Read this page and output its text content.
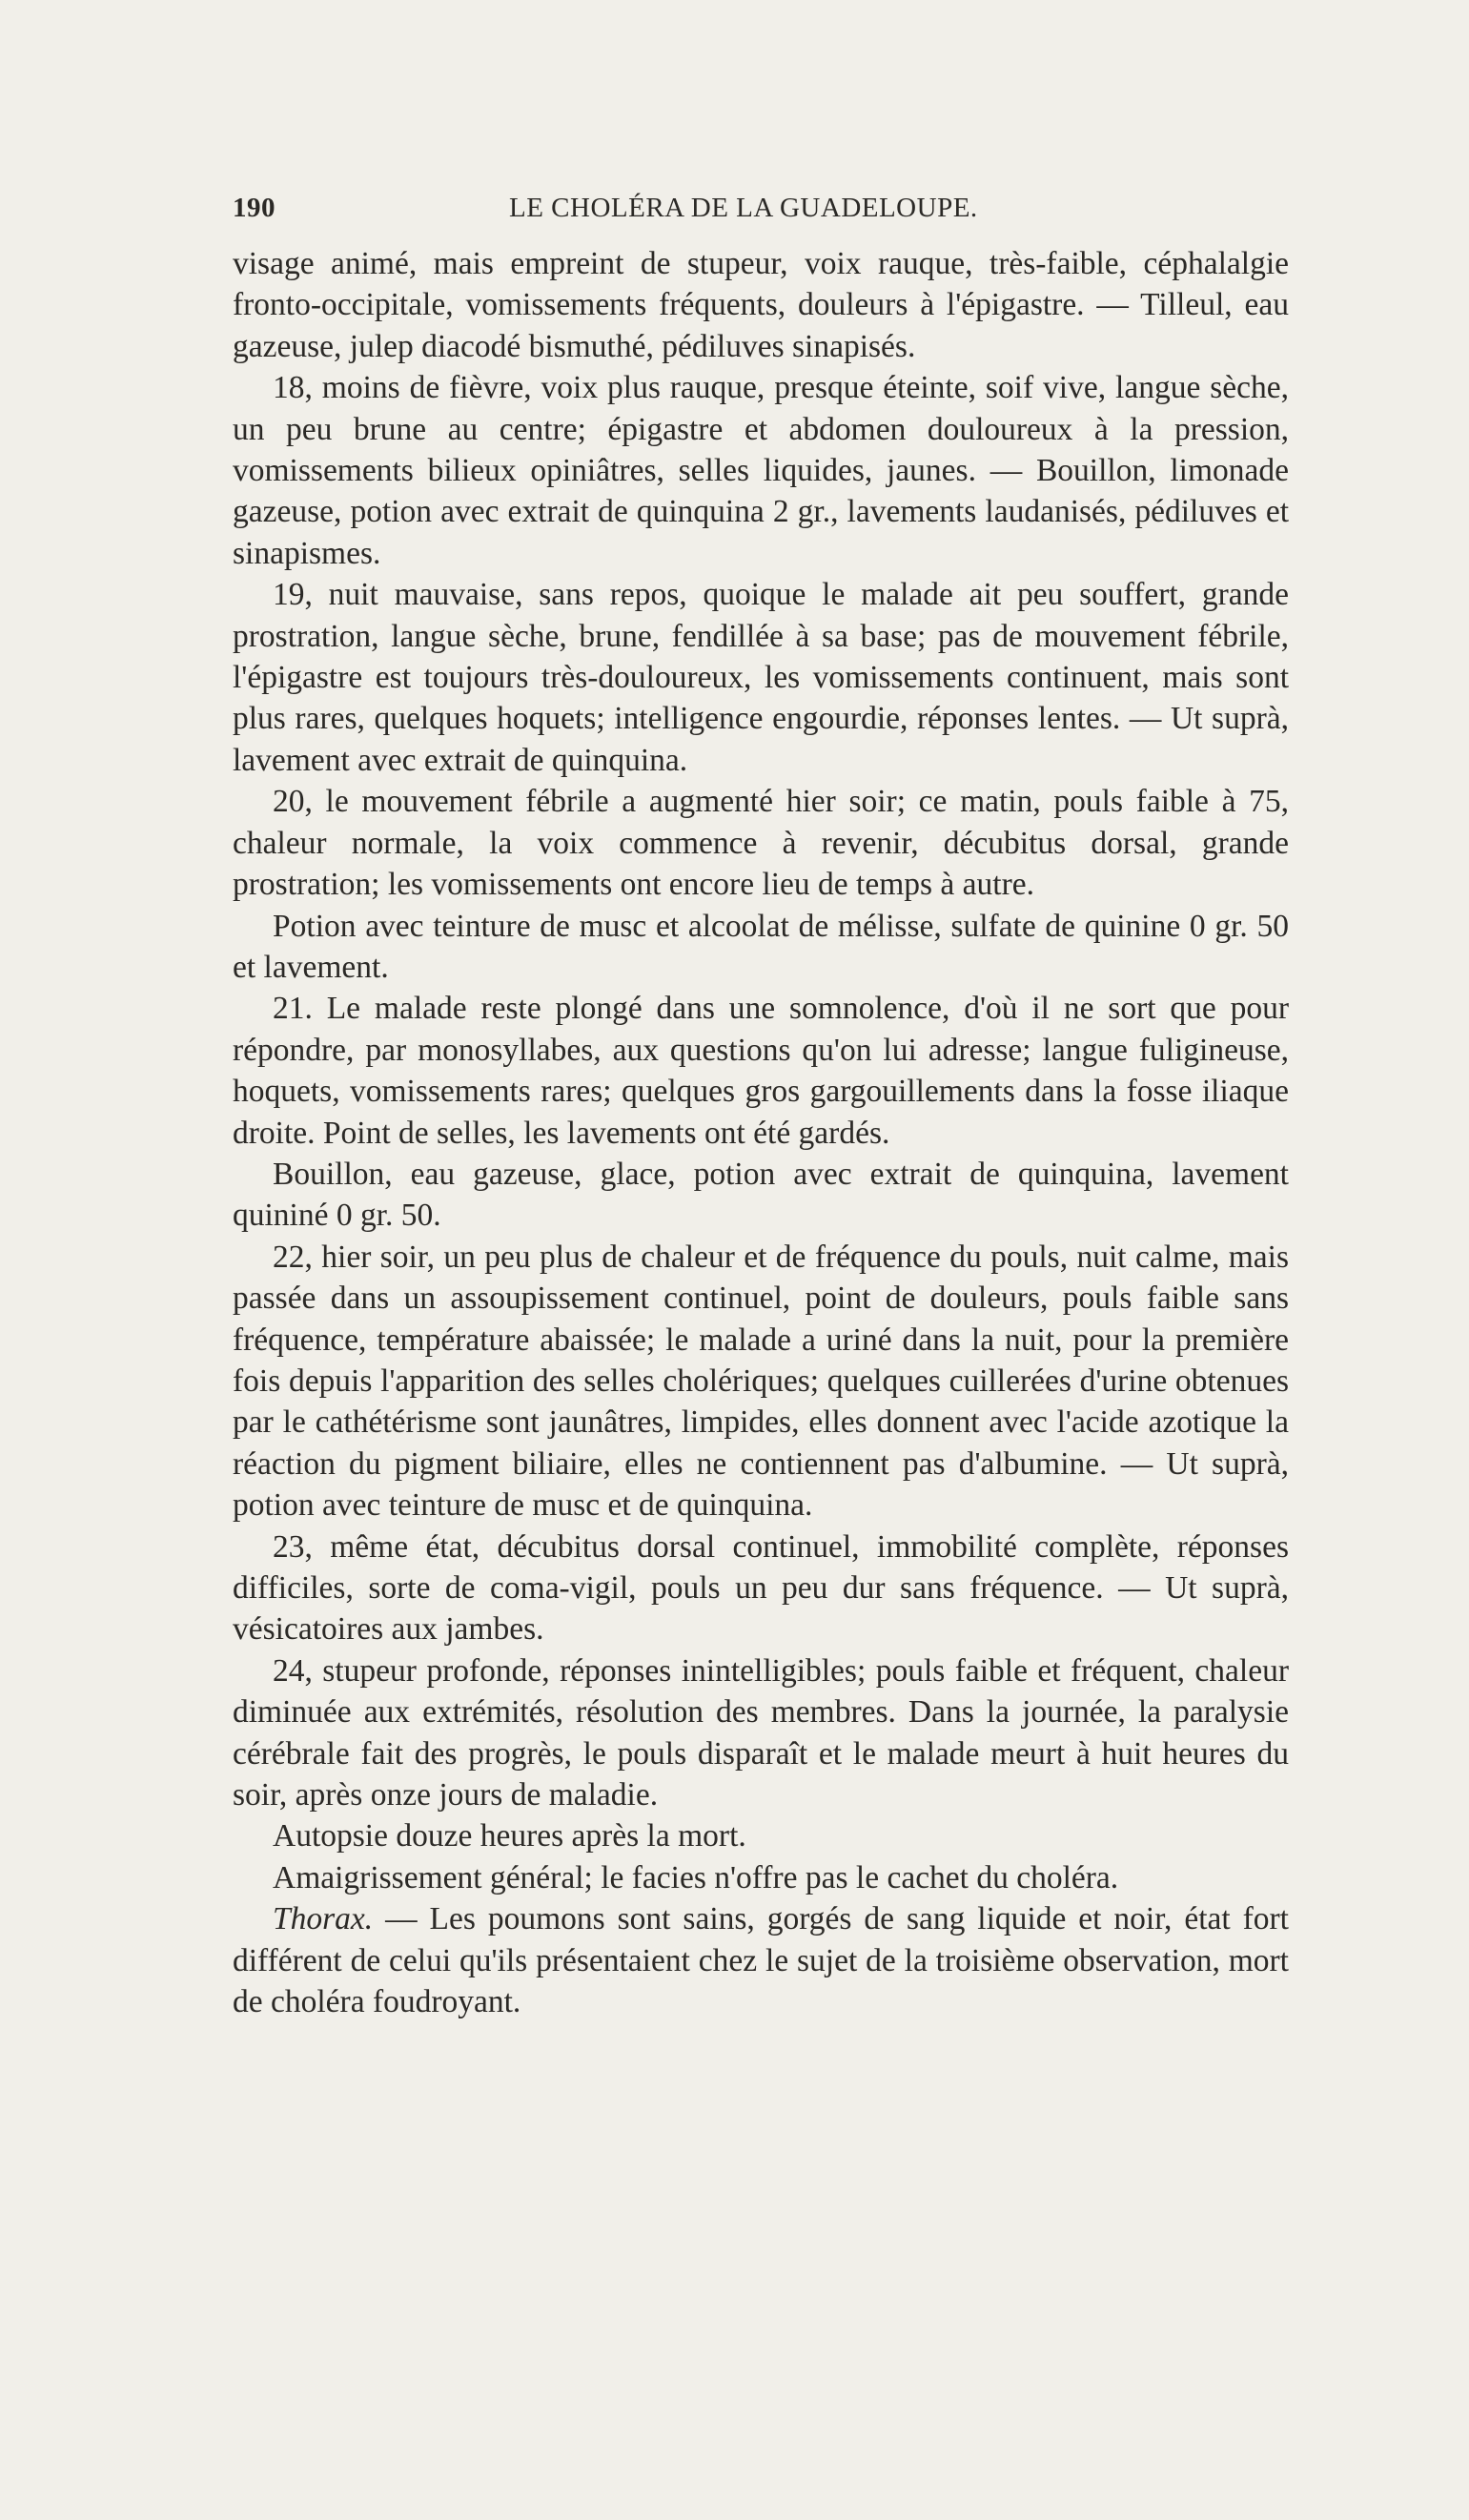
190	LE CHOLÉRA DE LA GUADELOUPE.

visage animé, mais empreint de stupeur, voix rauque, très-faible, céphalalgie fronto-occipitale, vomissements fréquents, douleurs à l'épigastre. — Tilleul, eau gazeuse, julep diacodé bismuthé, pédiluves sinapisés.

18, moins de fièvre, voix plus rauque, presque éteinte, soif vive, langue sèche, un peu brune au centre; épigastre et abdomen douloureux à la pression, vomissements bilieux opiniâtres, selles liquides, jaunes. — Bouillon, limonade gazeuse, potion avec extrait de quinquina 2 gr., lavements laudanisés, pédiluves et sinapismes.

19, nuit mauvaise, sans repos, quoique le malade ait peu souffert, grande prostration, langue sèche, brune, fendillée à sa base; pas de mouvement fébrile, l'épigastre est toujours très-douloureux, les vomissements continuent, mais sont plus rares, quelques hoquets; intelligence engourdie, réponses lentes. — Ut suprà, lavement avec extrait de quinquina.

20, le mouvement fébrile a augmenté hier soir; ce matin, pouls faible à 75, chaleur normale, la voix commence à revenir, décubitus dorsal, grande prostration; les vomissements ont encore lieu de temps à autre.

Potion avec teinture de musc et alcoolat de mélisse, sulfate de quinine 0 gr. 50 et lavement.

21. Le malade reste plongé dans une somnolence, d'où il ne sort que pour répondre, par monosyllabes, aux questions qu'on lui adresse; langue fuligineuse, hoquets, vomissements rares; quelques gros gargouillements dans la fosse iliaque droite. Point de selles, les lavements ont été gardés.

Bouillon, eau gazeuse, glace, potion avec extrait de quinquina, lavement quininé 0 gr. 50.

22, hier soir, un peu plus de chaleur et de fréquence du pouls, nuit calme, mais passée dans un assoupissement continuel, point de douleurs, pouls faible sans fréquence, température abaissée; le malade a uriné dans la nuit, pour la première fois depuis l'apparition des selles cholériques; quelques cuillerées d'urine obtenues par le cathétérisme sont jaunâtres, limpides, elles donnent avec l'acide azotique la réaction du pigment biliaire, elles ne contiennent pas d'albumine. — Ut suprà, potion avec teinture de musc et de quinquina.

23, même état, décubitus dorsal continuel, immobilité complète, réponses difficiles, sorte de coma-vigil, pouls un peu dur sans fréquence. — Ut suprà, vésicatoires aux jambes.

24, stupeur profonde, réponses inintelligibles; pouls faible et fréquent, chaleur diminuée aux extrémités, résolution des membres. Dans la journée, la paralysie cérébrale fait des progrès, le pouls disparaît et le malade meurt à huit heures du soir, après onze jours de maladie.

Autopsie douze heures après la mort.

Amaigrissement général; le facies n'offre pas le cachet du choléra.

Thorax. — Les poumons sont sains, gorgés de sang liquide et noir, état fort différent de celui qu'ils présentaient chez le sujet de la troisième observation, mort de choléra foudroyant.
